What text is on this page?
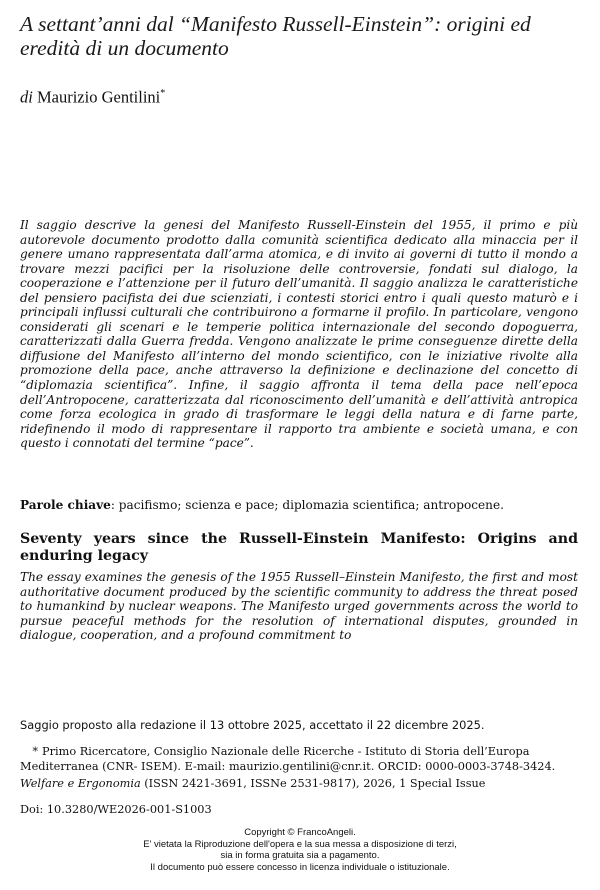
A settant’anni dal “Manifesto Russell-Einstein”: origini ed eredità di un documento
di Maurizio Gentilini*

Il saggio descrive la genesi del Manifesto Russell-Einstein del 1955, il primo e più autorevole documento prodotto dalla comunità scientifica dedicato alla minaccia per il genere umano rappresentata dall’arma atomica, e di invito ai governi di tutto il mondo a trovare mezzi pacifici per la risoluzione delle controversie, fondati sul dialogo, la cooperazione e l’attenzione per il futuro dell’umanità. Il saggio analizza le caratteristiche del pensiero pacifista dei due scienziati, i contesti storici entro i quali questo maturò e i principali influssi culturali che contribuirono a formarne il profilo. In particolare, vengono considerati gli scenari e le temperie politica internazionale del secondo dopoguerra, caratterizzati dalla Guerra fredda. Vengono analizzate le prime conseguenze dirette della diffusione del Manifesto all’interno del mondo scientifico, con le iniziative rivolte alla promozione della pace, anche attraverso la definizione e declinazione del concetto di “diplomazia scientifica”. Infine, il saggio affronta il tema della pace nell’epoca dell’Antropocene, caratterizzata dal riconoscimento dell’umanità e dell’attività antropica come forza ecologica in grado di trasformare le leggi della natura e di farne parte, ridefinendo il modo di rappresentare il rapporto tra ambiente e società umana, e con questo i connotati del termine “pace”.

Parole chiave: pacifismo; scienza e pace; diplomazia scientifica; antropocene.
Seventy years since the Russell-Einstein Manifesto: Origins and enduring legacy

The essay examines the genesis of the 1955 Russell–Einstein Manifesto, the first and most authoritative document produced by the scientific community to address the threat posed to humankind by nuclear weapons. The Manifesto urged governments across the world to pursue peaceful methods for the resolution of international disputes, grounded in dialogue, cooperation, and a profound commitment to

Saggio proposto alla redazione il 13 ottobre 2025, accettato il 22 dicembre 2025.
* Primo Ricercatore, Consiglio Nazionale delle Ricerche - Istituto di Storia dell’Europa Mediterranea (CNR- ISEM). E-mail: maurizio.gentilini@cnr.it. ORCID: 0000-0003-3748-3424.
Welfare e Ergonomia (ISSN 2421-3691, ISSNe 2531-9817), 2026, 1 Special Issue
Doi: 10.3280/WE2026-001-S1003
Copyright © FrancoAngeli.
E' vietata la Riproduzione dell'opera e la sua messa a disposizione di terzi,
sia in forma gratuita sia a pagamento.
Il documento può essere concesso in licenza individuale o istituzionale.
